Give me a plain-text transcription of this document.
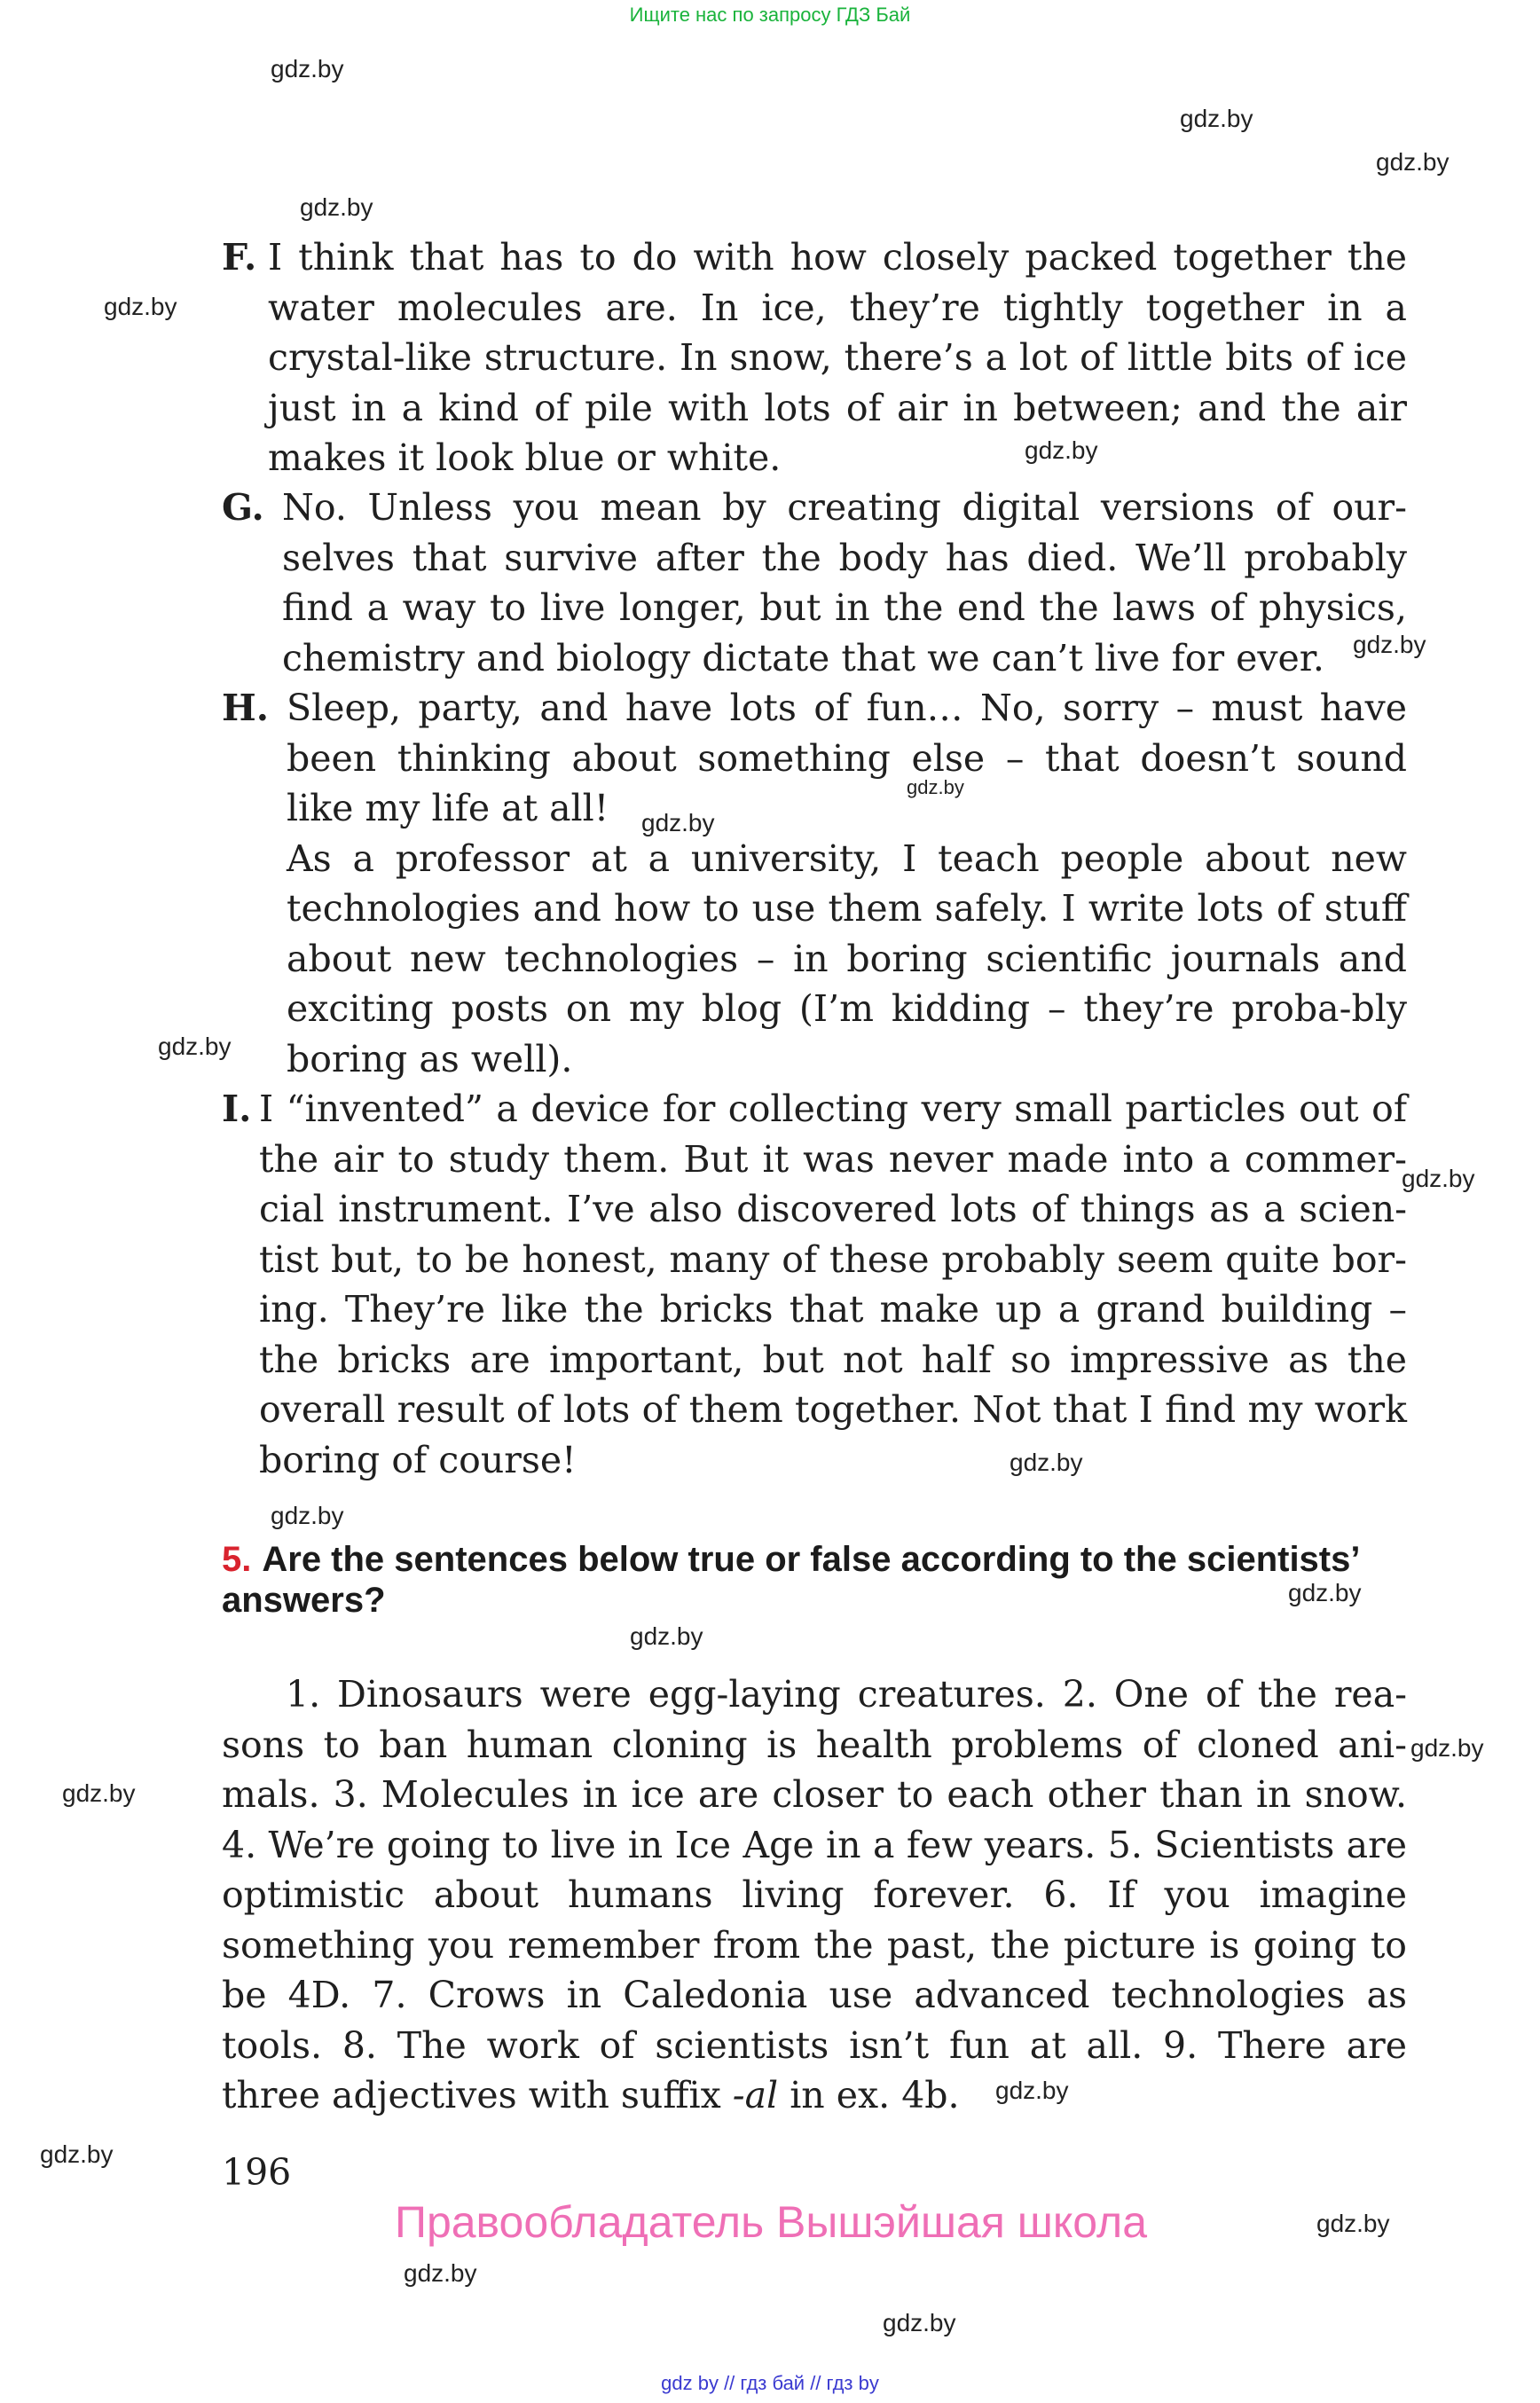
Ищите нас по запросу ГДЗ Бай
F. I think that has to do with how closely packed together the water molecules are. In ice, they’re tightly together in a crystal-like structure. In snow, there’s a lot of little bits of ice just in a kind of pile with lots of air in between; and the air makes it look blue or white.
G. No. Unless you mean by creating digital versions of our-selves that survive after the body has died. We’ll probably find a way to live longer, but in the end the laws of physics, chemistry and biology dictate that we can’t live for ever.
H. Sleep, party, and have lots of fun… No, sorry – must have been thinking about something else – that doesn’t sound like my life at all!
As a professor at a university, I teach people about new technologies and how to use them safely. I write lots of stuff about new technologies – in boring scientific journals and exciting posts on my blog (I’m kidding – they’re proba-bly boring as well).
I. I “invented” a device for collecting very small particles out of the air to study them. But it was never made into a commer-cial instrument. I’ve also discovered lots of things as a scien-tist but, to be honest, many of these probably seem quite bor-ing. They’re like the bricks that make up a grand building – the bricks are important, but not half so impressive as the overall result of lots of them together. Not that I find my work boring of course!
5. Are the sentences below true or false according to the scientists’ answers?
1. Dinosaurs were egg-laying creatures. 2. One of the rea-sons to ban human cloning is health problems of cloned ani-mals. 3. Molecules in ice are closer to each other than in snow. 4. We’re going to live in Ice Age in a few years. 5. Scientists are optimistic about humans living forever. 6. If you imagine something you remember from the past, the picture is going to be 4D. 7. Crows in Caledonia use advanced technologies as tools. 8. The work of scientists isn’t fun at all. 9. There are three adjectives with suffix -al in ex. 4b.
196
Правообладатель Вышэйшая школа
gdz by // гдз бай // гдз by
gdz.by
gdz.by
gdz.by
gdz.by
gdz.by
gdz.by
gdz.by
gdz.by
gdz.by
gdz.by
gdz.by
gdz.by
gdz.by
gdz.by
gdz.by
gdz.by
gdz.by
gdz.by
gdz.by
gdz.by
gdz.by
gdz.by
